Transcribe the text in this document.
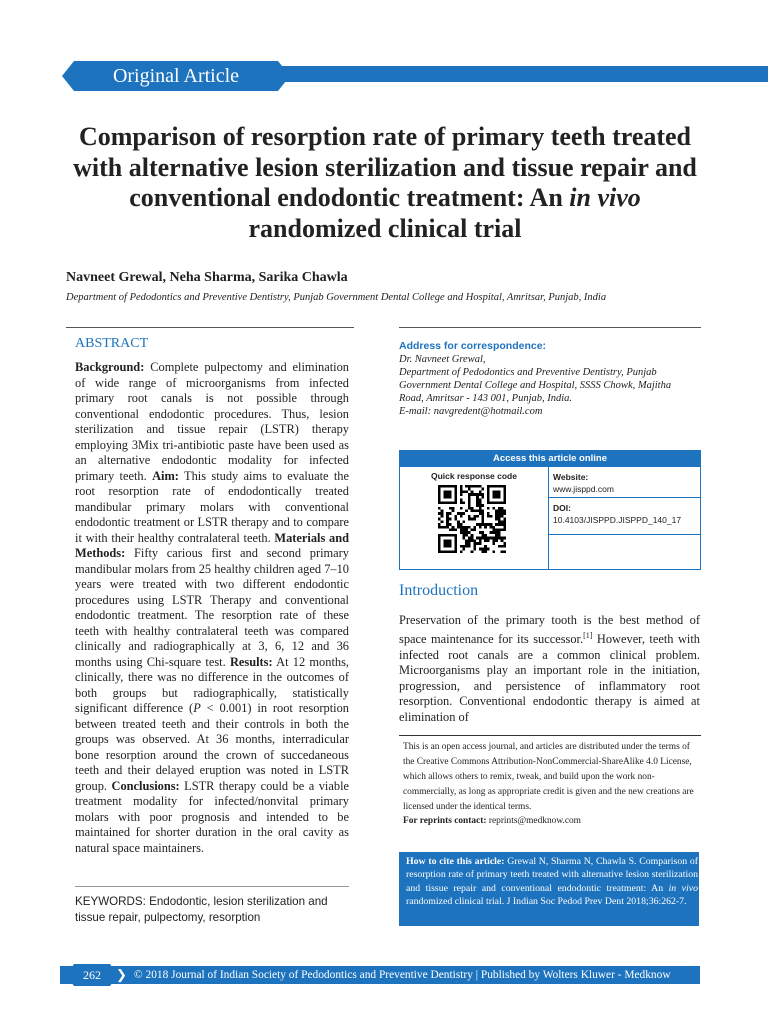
Original Article
Comparison of resorption rate of primary teeth treated with alternative lesion sterilization and tissue repair and conventional endodontic treatment: An in vivo randomized clinical trial
Navneet Grewal, Neha Sharma, Sarika Chawla
Department of Pedodontics and Preventive Dentistry, Punjab Government Dental College and Hospital, Amritsar, Punjab, India
ABSTRACT
Background: Complete pulpectomy and elimination of wide range of microorganisms from infected primary root canals is not possible through conventional endodontic procedures. Thus, lesion sterilization and tissue repair (LSTR) therapy employing 3Mix tri-antibiotic paste have been used as an alternative endodontic modality for infected primary teeth. Aim: This study aims to evaluate the root resorption rate of endodontically treated mandibular primary molars with conventional endodontic treatment or LSTR therapy and to compare it with their healthy contralateral teeth. Materials and Methods: Fifty carious first and second primary mandibular molars from 25 healthy children aged 7–10 years were treated with two different endodontic procedures using LSTR Therapy and conventional endodontic treatment. The resorption rate of these teeth with healthy contralateral teeth was compared clinically and radiographically at 3, 6, 12 and 36 months using Chi-square test. Results: At 12 months, clinically, there was no difference in the outcomes of both groups but radiographically, statistically significant difference (P < 0.001) in root resorption between treated teeth and their controls in both the groups was observed. At 36 months, interradicular bone resorption around the crown of succedaneous teeth and their delayed eruption was noted in LSTR group. Conclusions: LSTR therapy could be a viable treatment modality for infected/nonvital primary molars with poor prognosis and intended to be maintained for shorter duration in the oral cavity as natural space maintainers.
KEYWORDS: Endodontic, lesion sterilization and tissue repair, pulpectomy, resorption
Address for correspondence:
Dr. Navneet Grewal,
Department of Pedodontics and Preventive Dentistry, Punjab
Government Dental College and Hospital, SSSS Chowk, Majitha
Road, Amritsar - 143 001, Punjab, India.
E-mail: navgredent@hotmail.com
Access this article online
Quick response code	Website:
www.jisppd.com
DOI:
10.4103/JISPPD.JISPPD_140_17
Introduction
Preservation of the primary tooth is the best method of space maintenance for its successor.[1] However, teeth with infected root canals are a common clinical problem. Microorganisms play an important role in the initiation, progression, and persistence of inflammatory root resorption. Conventional endodontic therapy is aimed at elimination of
This is an open access journal, and articles are distributed under the terms of the Creative Commons Attribution-NonCommercial-ShareAlike 4.0 License, which allows others to remix, tweak, and build upon the work non-commercially, as long as appropriate credit is given and the new creations are licensed under the identical terms.
For reprints contact: reprints@medknow.com
How to cite this article: Grewal N, Sharma N, Chawla S. Comparison of resorption rate of primary teeth treated with alternative lesion sterilization and tissue repair and conventional endodontic treatment: An in vivo randomized clinical trial. J Indian Soc Pedod Prev Dent 2018;36:262-7.
262	❯ © 2018 Journal of Indian Society of Pedodontics and Preventive Dentistry | Published by Wolters Kluwer - Medknow
